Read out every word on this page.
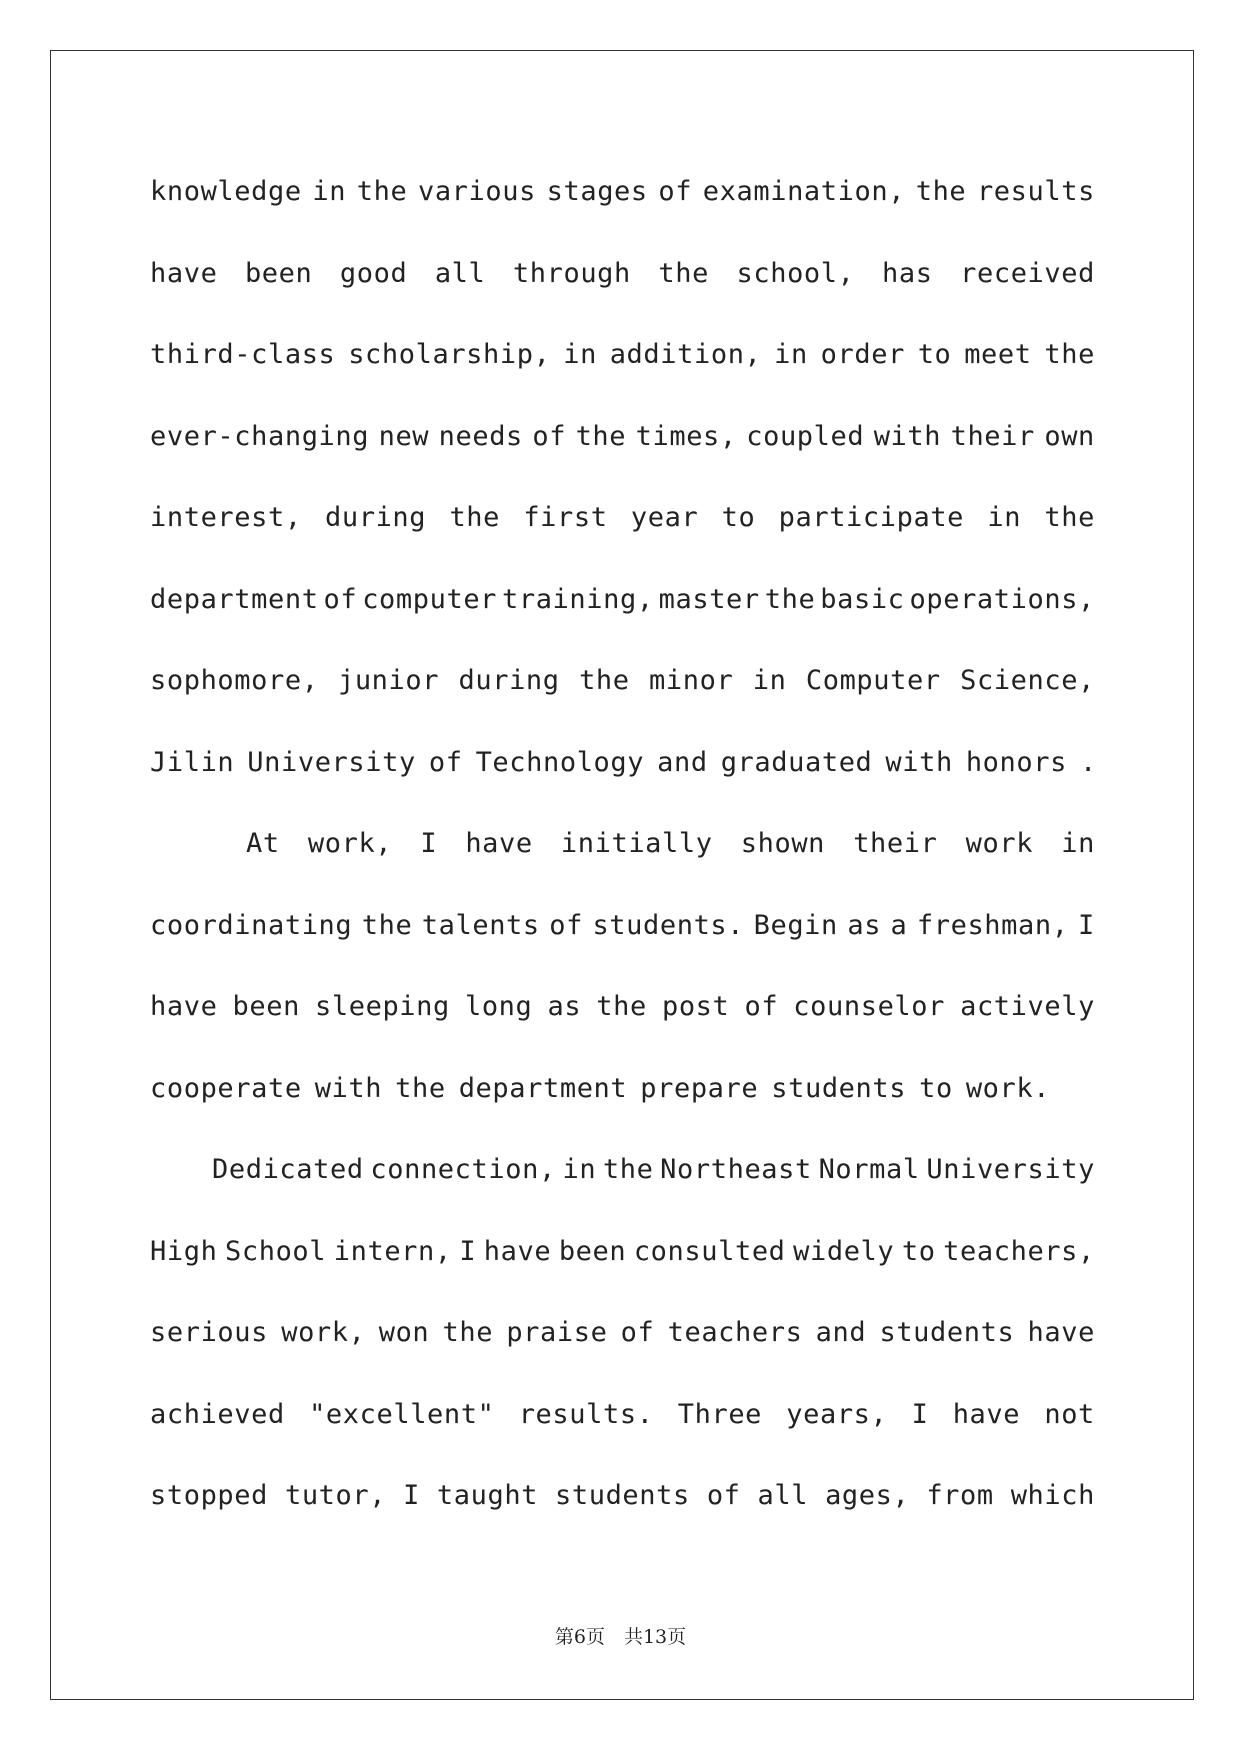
knowledge in the various stages of examination, the results
have been good all through the school, has received
third-class scholarship, in addition, in order to meet the
ever-changing new needs of the times, coupled with their own
interest, during the first year to participate in the
department of computer training, master the basic operations,
sophomore, junior during the minor in Computer Science,
Jilin University of Technology and graduated with honors .
At work, I have initially shown their work in
coordinating the talents of students. Begin as a freshman, I
have been sleeping long as the post of counselor actively
cooperate with the department prepare students to work.
Dedicated connection, in the Northeast Normal University
High School intern, I have been consulted widely to teachers,
serious work, won the praise of teachers and students have
achieved "excellent" results. Three years, I have not
stopped tutor, I taught students of all ages, from which
第6页　共13页
